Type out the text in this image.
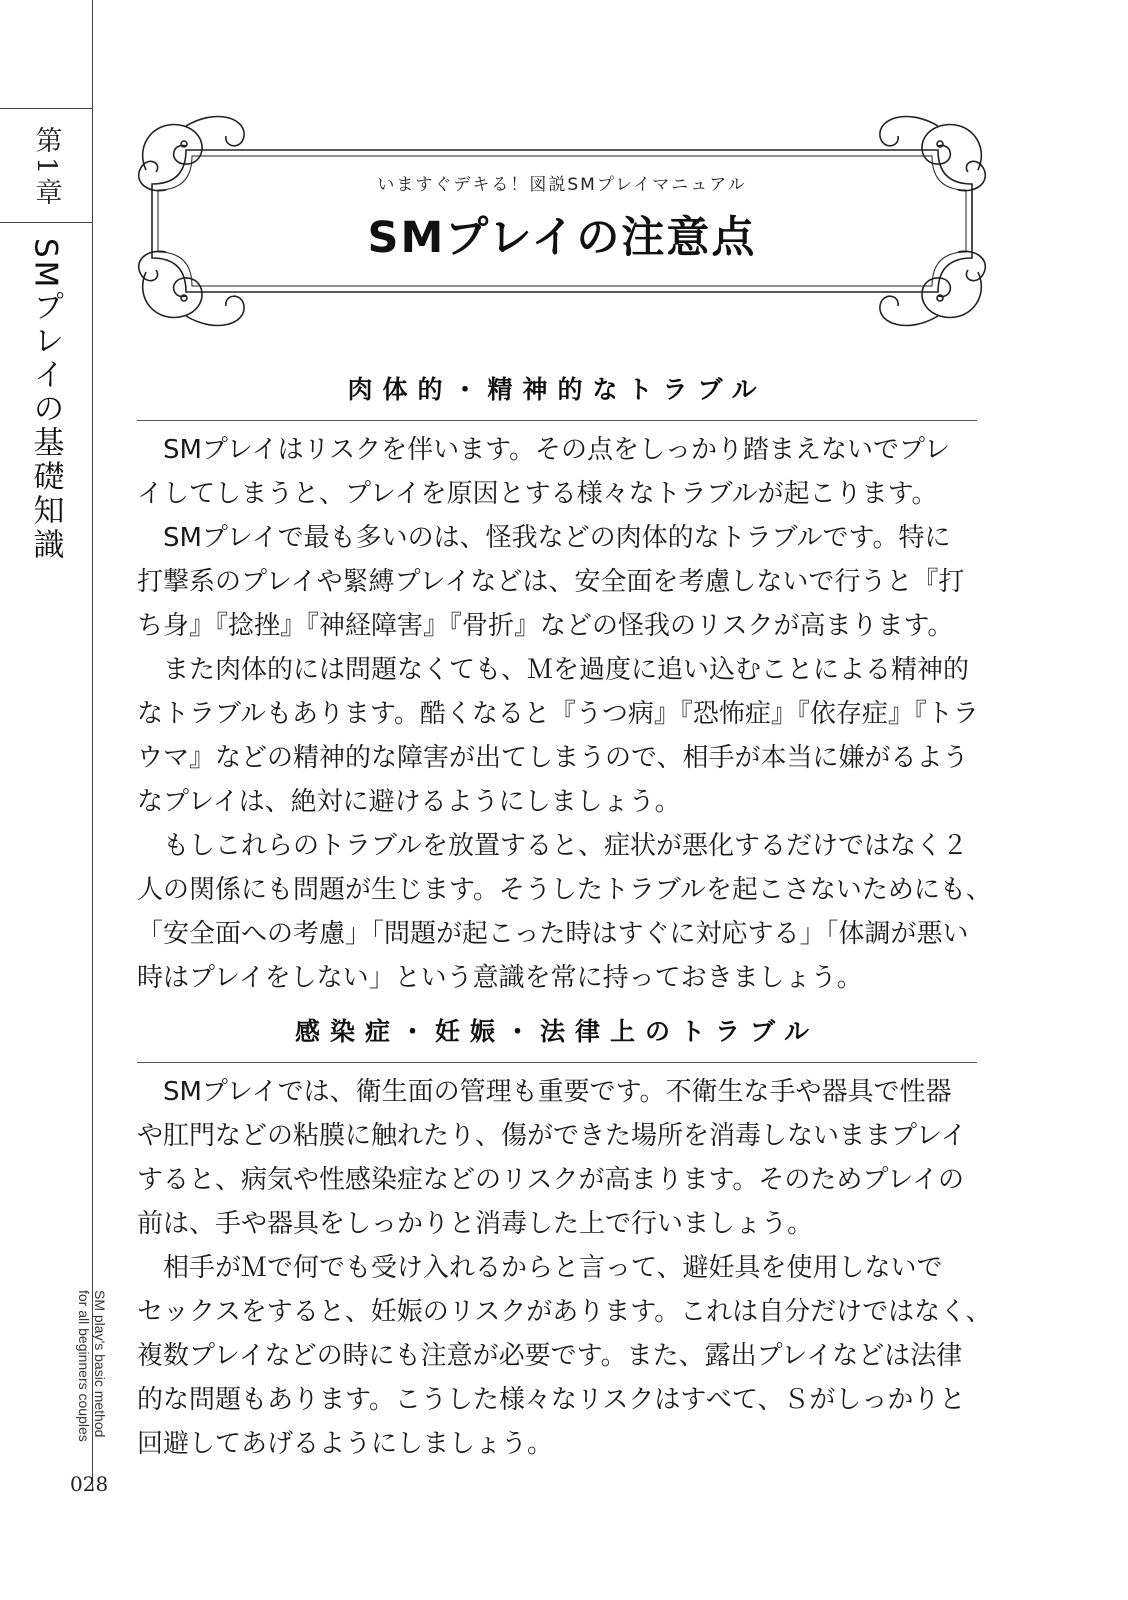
第1章
SMプレイの基礎知識
SM play's basic method
for all beginners couples
028
いますぐデキる！図説SMプレイマニュアル
SMプレイの注意点
肉体的・精神的なトラブル
　SMプレイはリスクを伴います。その点をしっかり踏まえないでプレ
イしてしまうと、プレイを原因とする様々なトラブルが起こります。
　SMプレイで最も多いのは、怪我などの肉体的なトラブルです。特に
打撃系のプレイや緊縛プレイなどは、安全面を考慮しないで行うと『打
ち身』『捻挫』『神経障害』『骨折』などの怪我のリスクが高まります。
　また肉体的には問題なくても、Ｍを過度に追い込むことによる精神的
なトラブルもあります。酷くなると『うつ病』『恐怖症』『依存症』『トラ
ウマ』などの精神的な障害が出てしまうので、相手が本当に嫌がるよう
なプレイは、絶対に避けるようにしましょう。
　もしこれらのトラブルを放置すると、症状が悪化するだけではなく２
人の関係にも問題が生じます。そうしたトラブルを起こさないためにも、
「安全面への考慮」「問題が起こった時はすぐに対応する」「体調が悪い
時はプレイをしない」という意識を常に持っておきましょう。
感染症・妊娠・法律上のトラブル
　SMプレイでは、衛生面の管理も重要です。不衛生な手や器具で性器
や肛門などの粘膜に触れたり、傷ができた場所を消毒しないままプレイ
すると、病気や性感染症などのリスクが高まります。そのためプレイの
前は、手や器具をしっかりと消毒した上で行いましょう。
　相手がＭで何でも受け入れるからと言って、避妊具を使用しないで
セックスをすると、妊娠のリスクがあります。これは自分だけではなく、
複数プレイなどの時にも注意が必要です。また、露出プレイなどは法律
的な問題もあります。こうした様々なリスクはすべて、Ｓがしっかりと
回避してあげるようにしましょう。
